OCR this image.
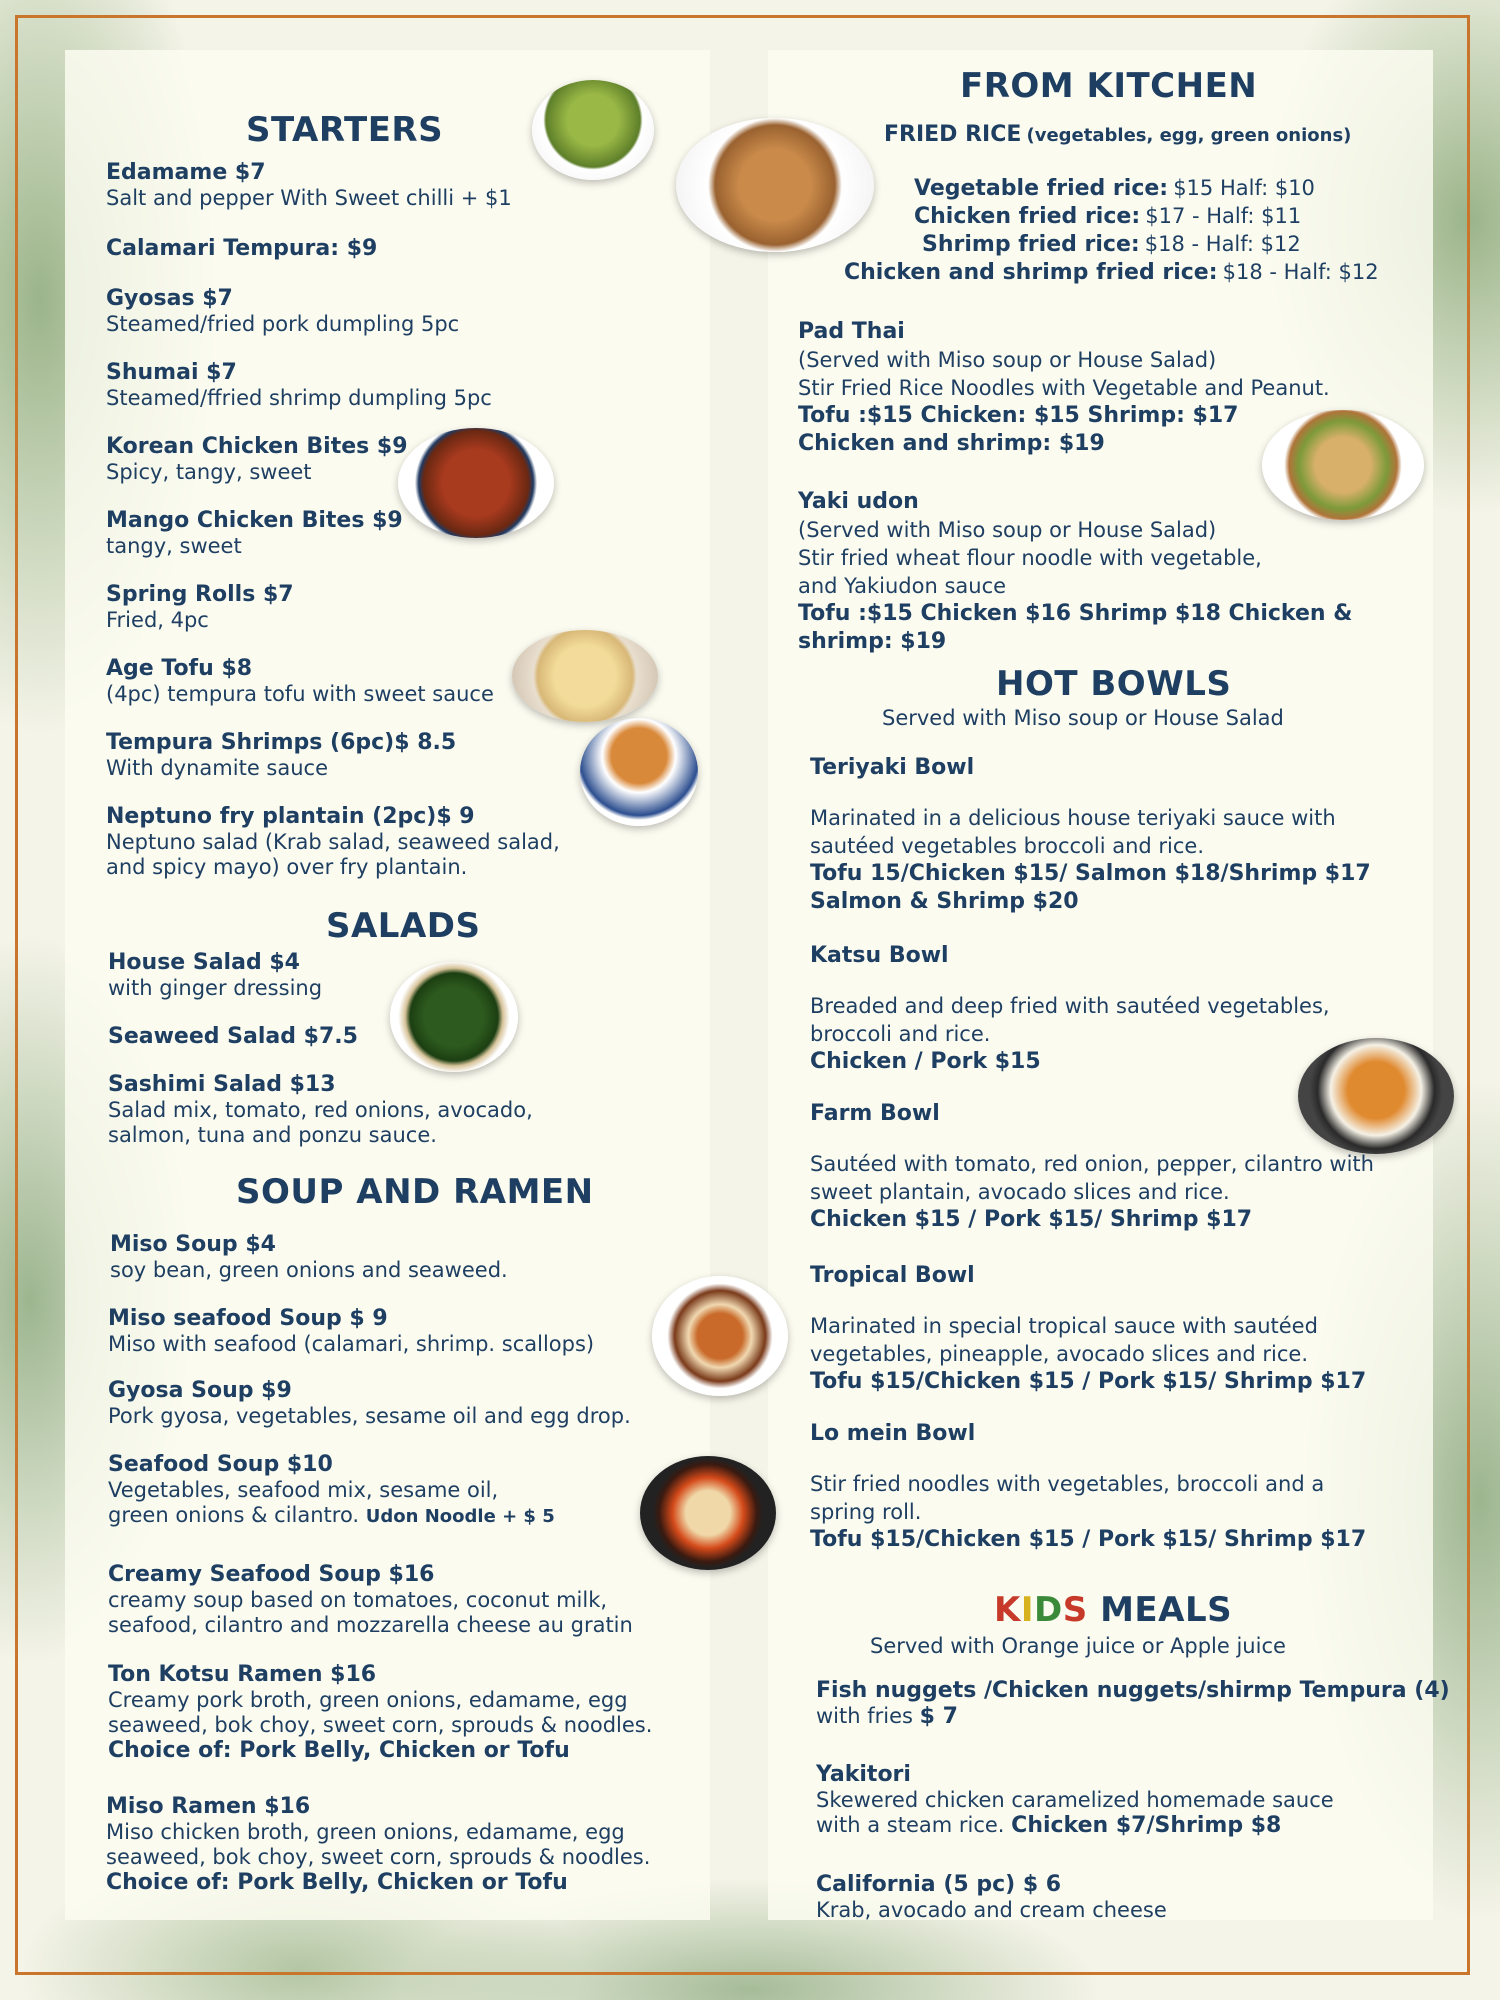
STARTERS
Edamame $7
Salt and pepper With Sweet chilli + $1
Calamari Tempura: $9
Gyosas $7
Steamed/fried pork dumpling 5pc
Shumai $7
Steamed/ffried shrimp dumpling 5pc
Korean Chicken Bites $9
Spicy, tangy, sweet
Mango Chicken Bites $9
tangy, sweet
Spring Rolls $7
Fried, 4pc
Age Tofu $8
(4pc) tempura tofu with sweet sauce
Tempura Shrimps (6pc)$ 8.5
With dynamite sauce
Neptuno fry plantain (2pc)$ 9
Neptuno salad (Krab salad, seaweed salad,
and spicy mayo) over fry plantain.
SALADS
House Salad $4
with ginger dressing
Seaweed Salad $7.5
Sashimi Salad $13
Salad mix, tomato, red onions, avocado,
salmon, tuna and ponzu sauce.
SOUP AND RAMEN
Miso Soup $4
soy bean, green onions and seaweed.
Miso seafood Soup $ 9
Miso with seafood (calamari, shrimp. scallops)
Gyosa Soup $9
Pork gyosa, vegetables, sesame oil and egg drop.
Seafood Soup $10
Vegetables, seafood mix, sesame oil,
green onions & cilantro. Udon Noodle + $ 5
Creamy Seafood Soup $16
creamy soup based on tomatoes, coconut milk,
seafood, cilantro and mozzarella cheese au gratin
Ton Kotsu Ramen $16
Creamy pork broth, green onions, edamame, egg
seaweed, bok choy, sweet corn, sprouds & noodles.
Choice of: Pork Belly, Chicken or Tofu
Miso Ramen $16
Miso chicken broth, green onions, edamame, egg
seaweed, bok choy, sweet corn, sprouds & noodles.
Choice of: Pork Belly, Chicken or Tofu
FROM KITCHEN
FRIED RICE (vegetables, egg, green onions)
Vegetable fried rice: $15 Half: $10
Chicken fried rice: $17 - Half: $11
Shrimp fried rice: $18 - Half: $12
Chicken and shrimp fried rice: $18 - Half: $12
Pad Thai
(Served with Miso soup or House Salad)
Stir Fried Rice Noodles with Vegetable and Peanut.
Tofu :$15 Chicken: $15 Shrimp: $17
Chicken and shrimp: $19
Yaki udon
(Served with Miso soup or House Salad)
Stir fried wheat flour noodle with vegetable,
and Yakiudon sauce
Tofu :$15 Chicken $16 Shrimp $18 Chicken &
shrimp: $19
HOT BOWLS
Served with Miso soup or House Salad
Teriyaki Bowl
Marinated in a delicious house teriyaki sauce with
sautéed vegetables broccoli and rice.
Tofu 15/Chicken $15/ Salmon $18/Shrimp $17
Salmon & Shrimp $20
Katsu Bowl
Breaded and deep fried with sautéed vegetables,
broccoli and rice.
Chicken / Pork $15
Farm Bowl
Sautéed with tomato, red onion, pepper, cilantro with
sweet plantain, avocado slices and rice.
Chicken $15 / Pork $15/ Shrimp $17
Tropical Bowl
Marinated in special tropical sauce with sautéed
vegetables, pineapple, avocado slices and rice.
Tofu $15/Chicken $15 / Pork $15/ Shrimp $17
Lo mein Bowl
Stir fried noodles with vegetables, broccoli and a
spring roll.
Tofu $15/Chicken $15 / Pork $15/ Shrimp $17
KIDS MEALS
Served with Orange juice or Apple juice
Fish nuggets /Chicken nuggets/shirmp Tempura (4)
with fries $ 7
Yakitori
Skewered chicken caramelized homemade sauce
with a steam rice. Chicken $7/Shrimp $8
California (5 pc) $ 6
Krab, avocado and cream cheese
